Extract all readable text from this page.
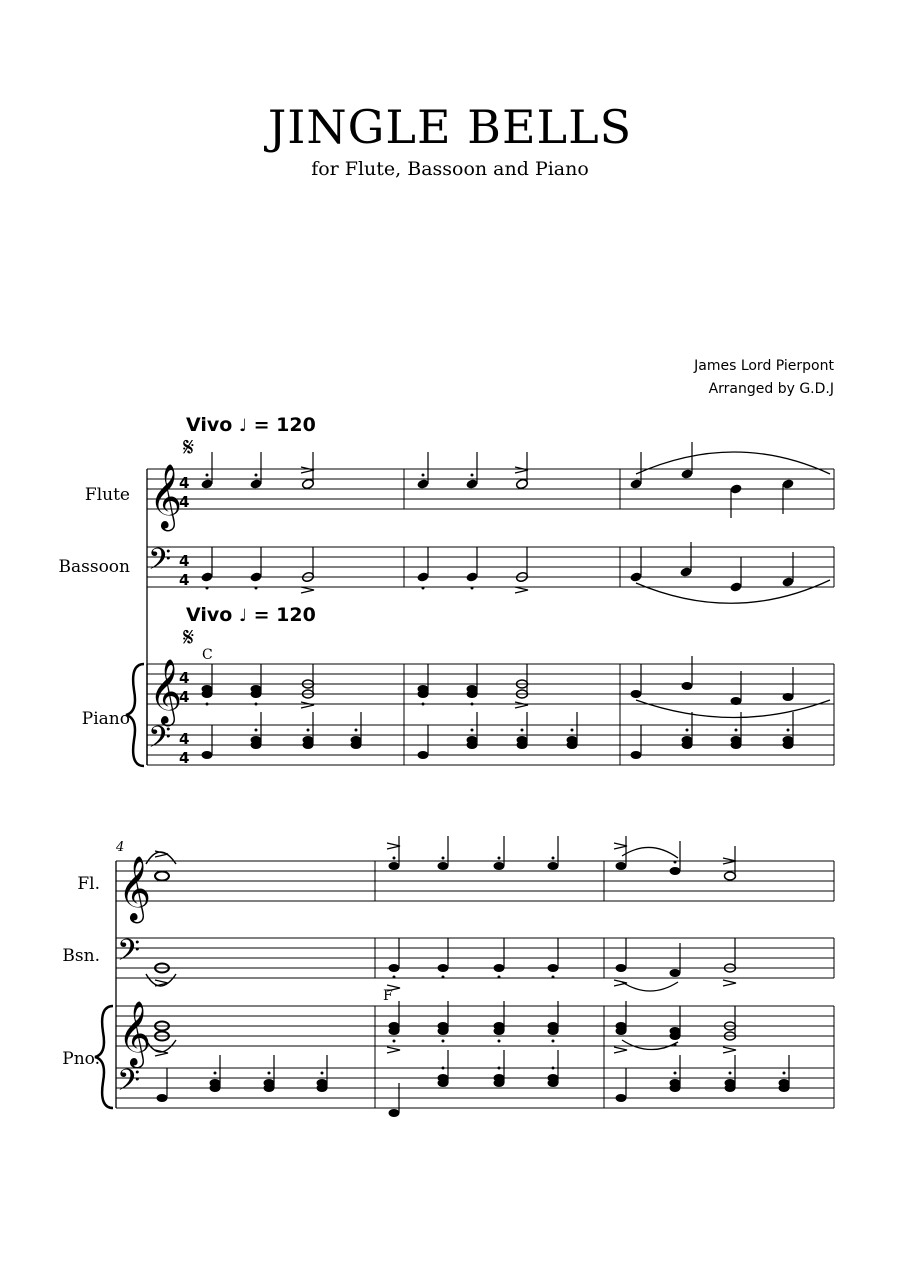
JINGLE BELLS
for Flute, Bassoon and Piano
James Lord Pierpont
Arranged by G.D.J
Vivo ♩ = 120
𝄋
Flute
Bassoon
Piano
𝄞
4
4
𝄢 4
4
Vivo ♩ = 120
𝄋
C
𝄞
4
4
𝄢 4
4
4
Fl.
Bsn.
Pno.
𝄞
𝄢
F
𝄞
𝄢
